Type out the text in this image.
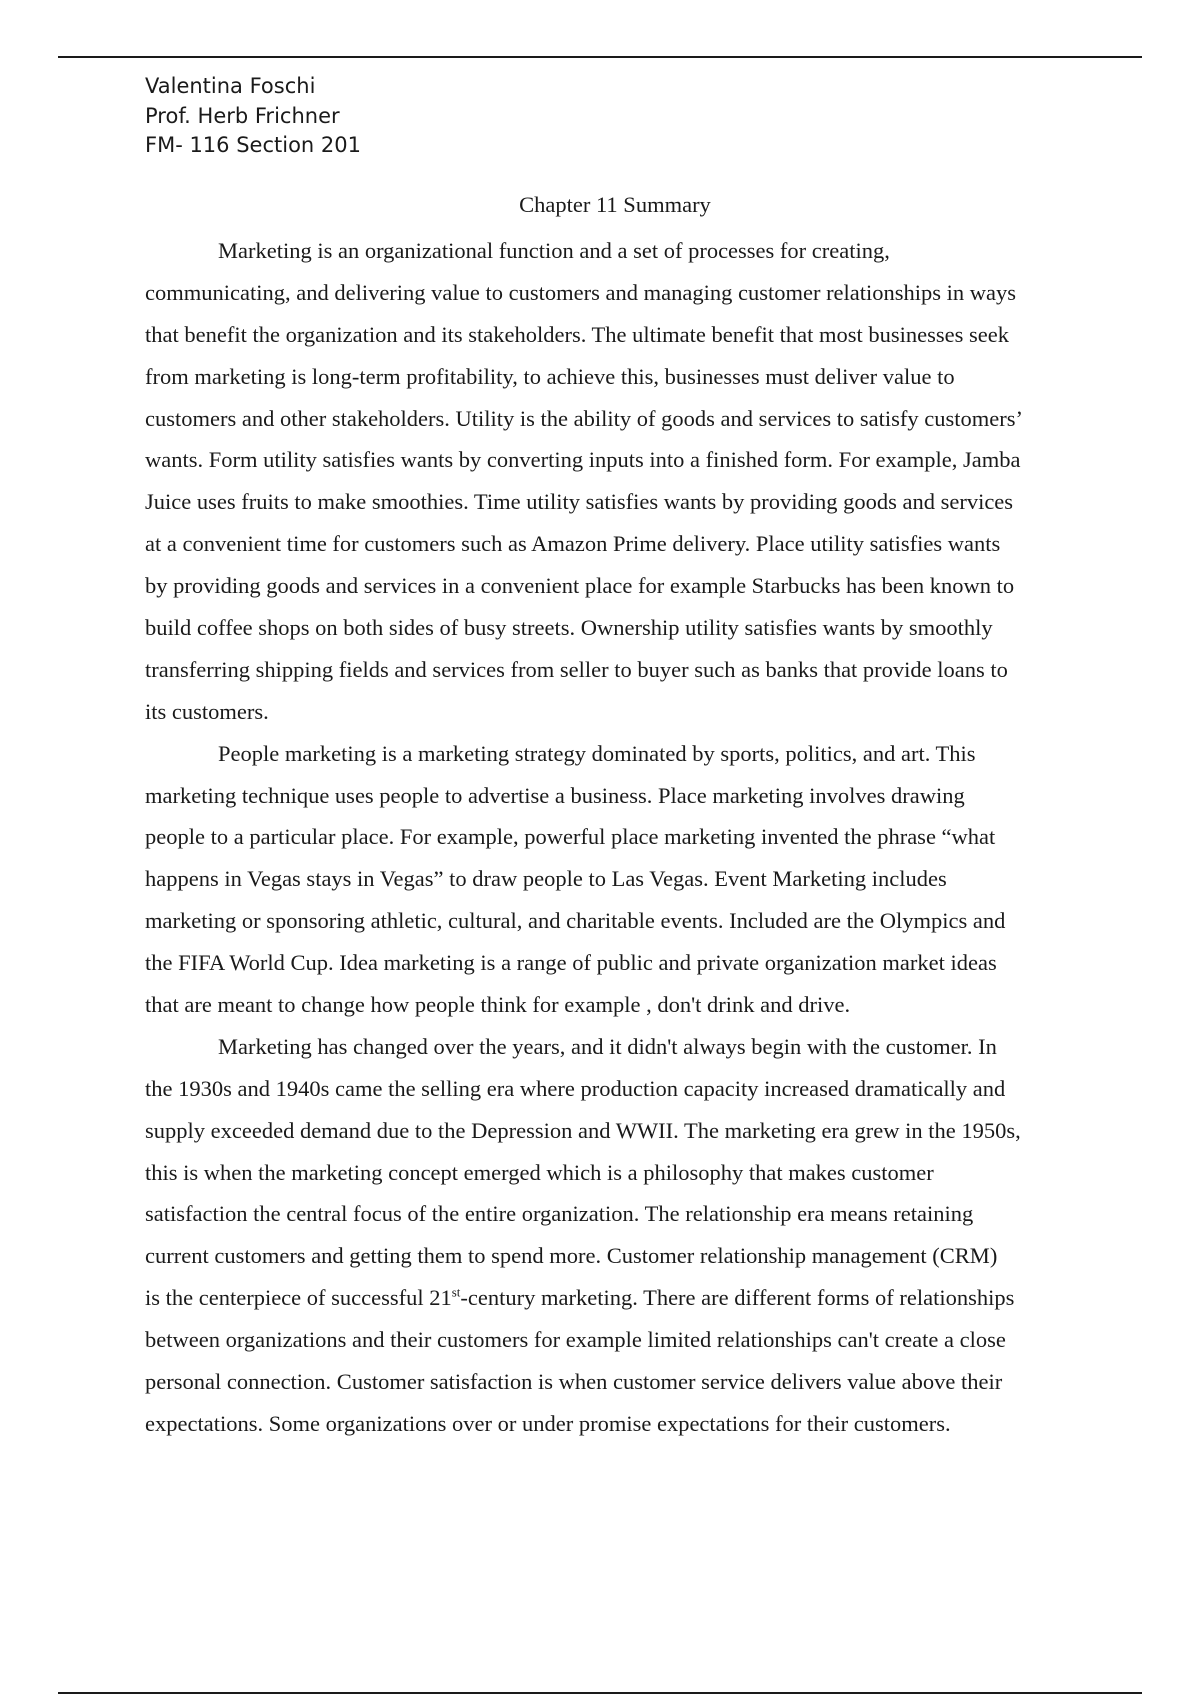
Valentina Foschi
Prof. Herb Frichner
FM- 116 Section 201
Chapter 11 Summary
Marketing is an organizational function and a set of processes for creating,
communicating, and delivering value to customers and managing customer relationships in ways
that benefit the organization and its stakeholders. The ultimate benefit that most businesses seek
from marketing is long-term profitability, to achieve this, businesses must deliver value to
customers and other stakeholders. Utility is the ability of goods and services to satisfy customers’
wants. Form utility satisfies wants by converting inputs into a finished form. For example, Jamba
Juice uses fruits to make smoothies. Time utility satisfies wants by providing goods and services
at a convenient time for customers such as Amazon Prime delivery. Place utility satisfies wants
by providing goods and services in a convenient place for example Starbucks has been known to
build coffee shops on both sides of busy streets. Ownership utility satisfies wants by smoothly
transferring shipping fields and services from seller to buyer such as banks that provide loans to
its customers.
People marketing is a marketing strategy dominated by sports, politics, and art. This
marketing technique uses people to advertise a business. Place marketing involves drawing
people to a particular place. For example, powerful place marketing invented the phrase “what
happens in Vegas stays in Vegas” to draw people to Las Vegas. Event Marketing includes
marketing or sponsoring athletic, cultural, and charitable events. Included are the Olympics and
the FIFA World Cup. Idea marketing is a range of public and private organization market ideas
that are meant to change how people think for example , don't drink and drive.
Marketing has changed over the years, and it didn't always begin with the customer. In
the 1930s and 1940s came the selling era where production capacity increased dramatically and
supply exceeded demand due to the Depression and WWII. The marketing era grew in the 1950s,
this is when the marketing concept emerged which is a philosophy that makes customer
satisfaction the central focus of the entire organization. The relationship era means retaining
current customers and getting them to spend more. Customer relationship management (CRM)
is the centerpiece of successful 21st-century marketing. There are different forms of relationships
between organizations and their customers for example limited relationships can't create a close
personal connection. Customer satisfaction is when customer service delivers value above their
expectations. Some organizations over or under promise expectations for their customers.
